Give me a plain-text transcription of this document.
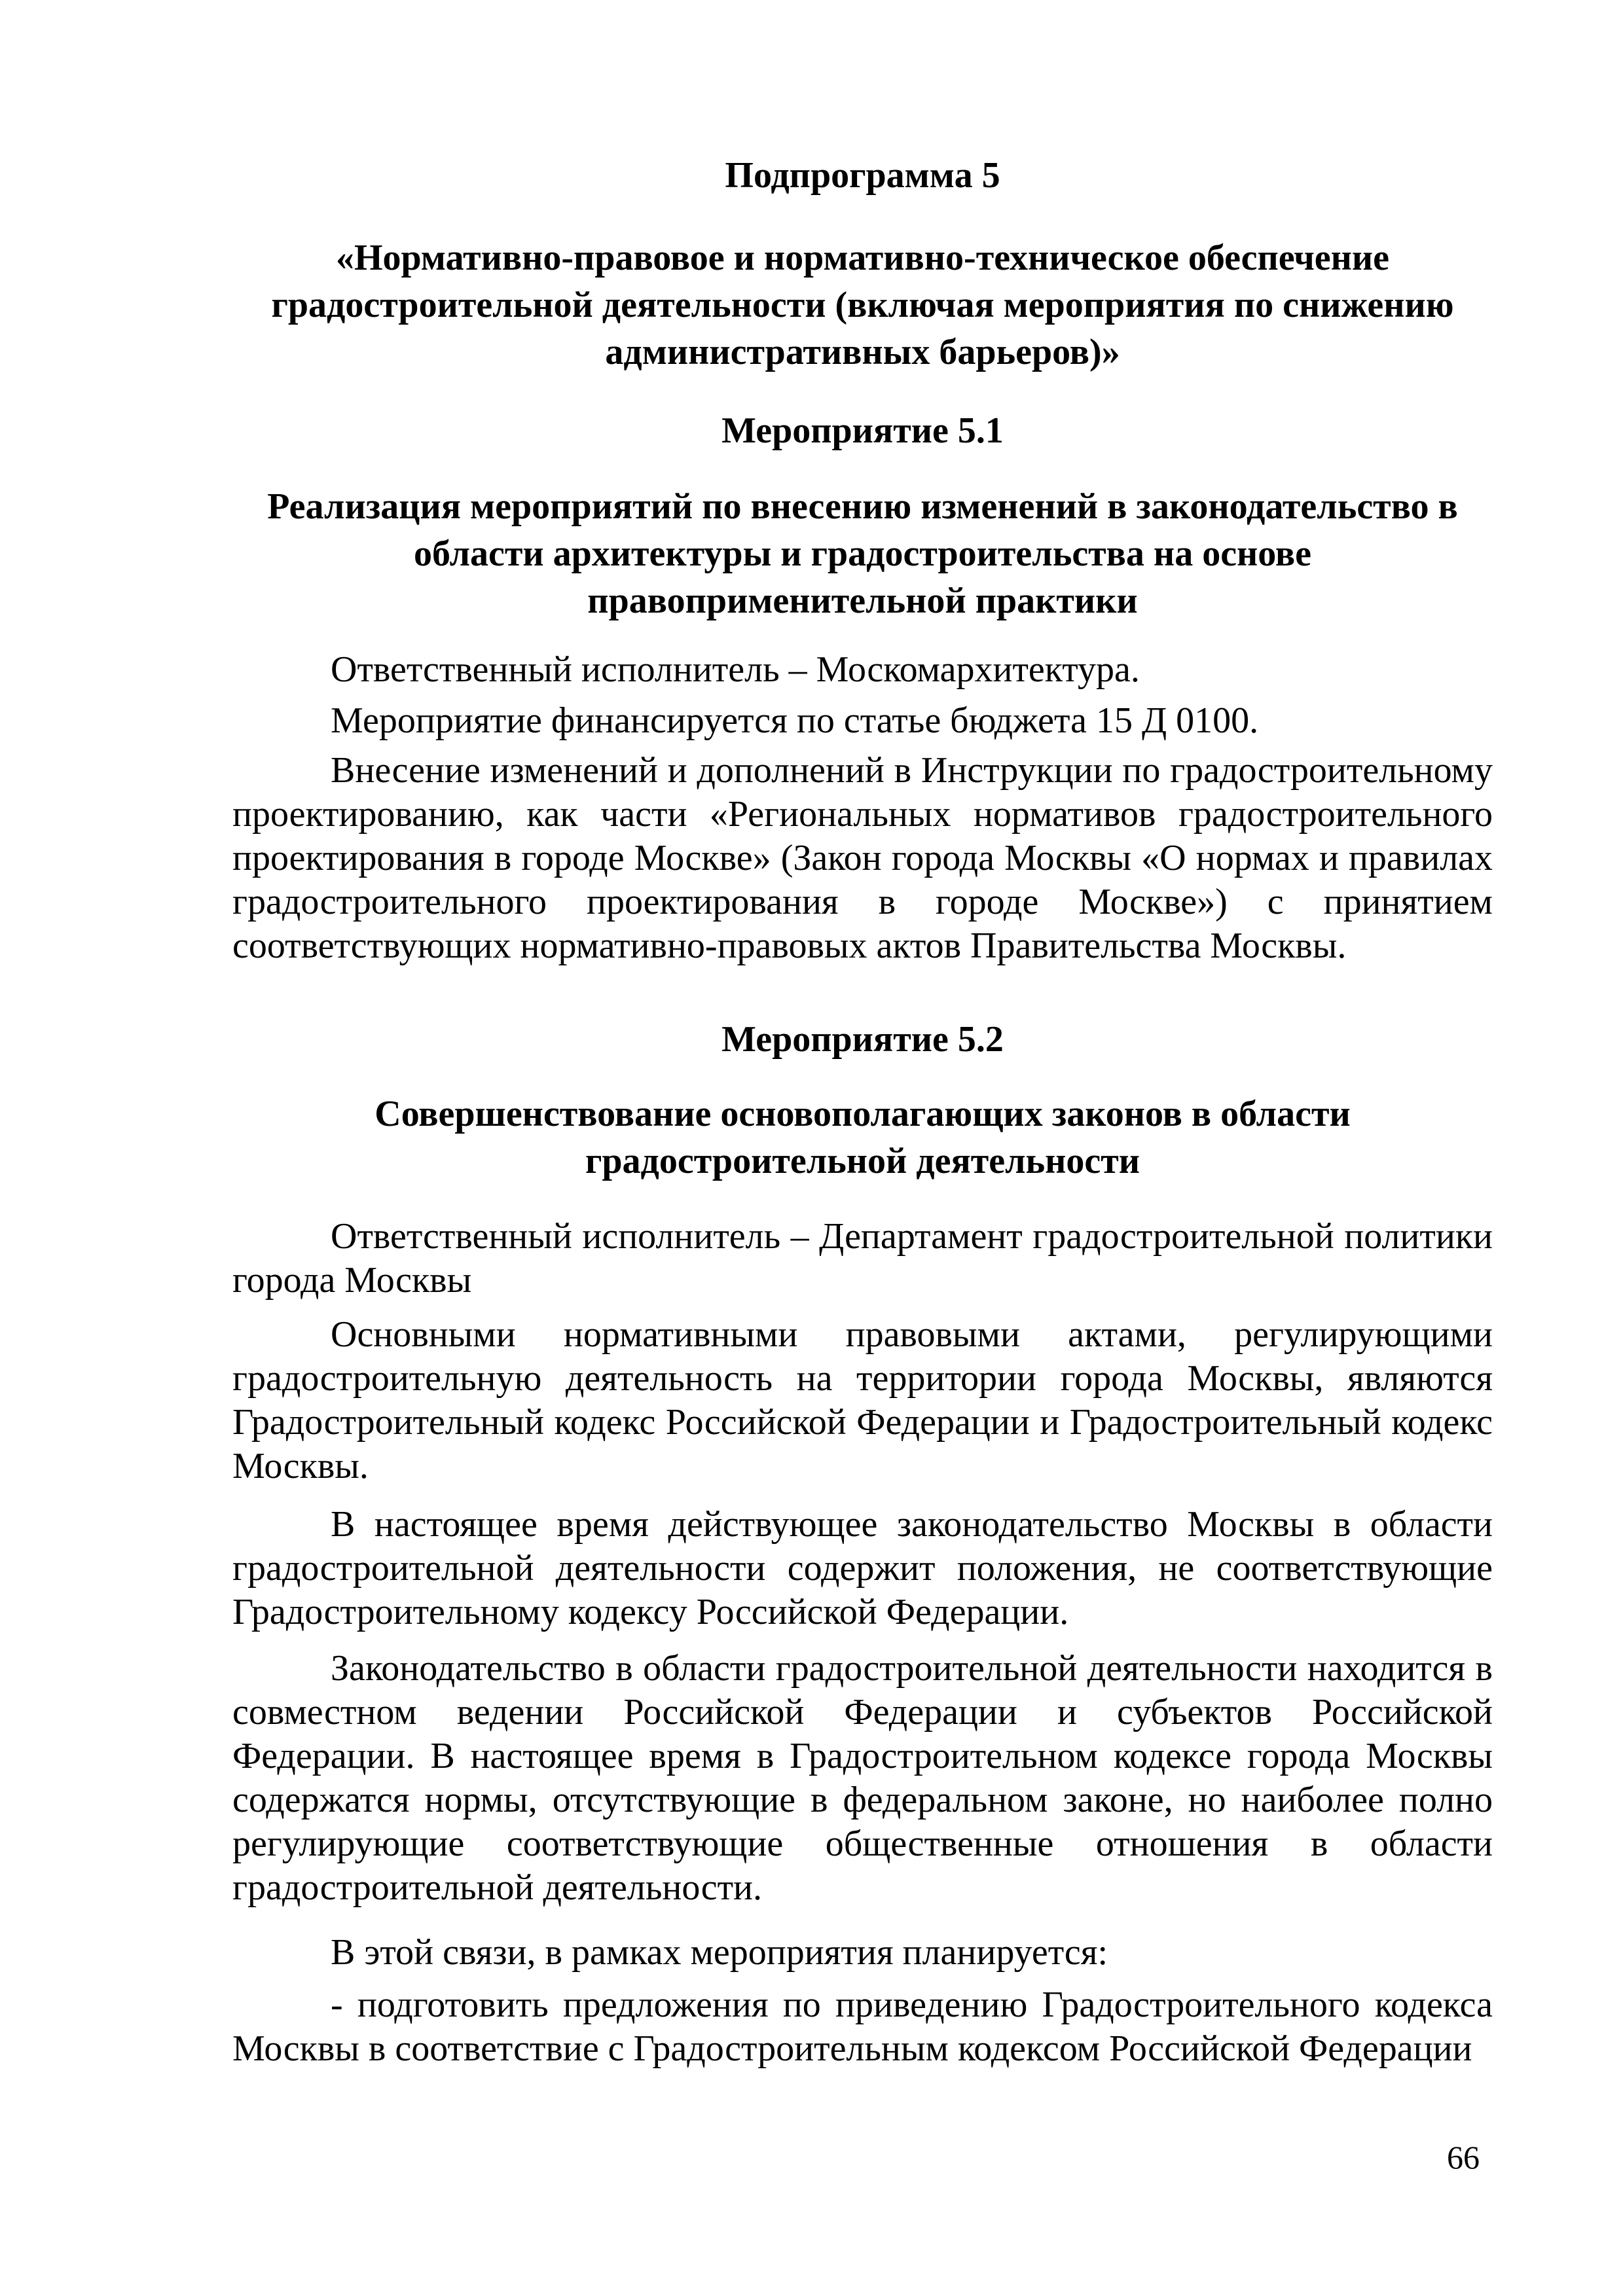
Подпрограмма 5
«Нормативно-правовое и нормативно-техническое обеспечение градостроительной деятельности (включая мероприятия по снижению административных барьеров)»
Мероприятие 5.1
Реализация мероприятий по внесению изменений в законодательство в области архитектуры и градостроительства на основе правоприменительной практики

Ответственный исполнитель – Москомархитектура.

Мероприятие финансируется по статье бюджета 15 Д 0100.

Внесение изменений и дополнений в Инструкции по градостроительному проектированию, как части «Региональных нормативов градостроительного проектирования в городе Москве» (Закон города Москвы «О нормах и правилах градостроительного проектирования в городе Москве») с принятием соответствующих нормативно-правовых актов Правительства Москвы.

Мероприятие 5.2
Совершенствование основополагающих законов в области градостроительной деятельности

Ответственный исполнитель – Департамент градостроительной политики города Москвы

Основными нормативными правовыми актами, регулирующими градостроительную деятельность на территории города Москвы, являются Градостроительный кодекс Российской Федерации и Градостроительный кодекс Москвы.

В настоящее время действующее законодательство Москвы в области градостроительной деятельности содержит положения, не соответствующие Градостроительному кодексу Российской Федерации.

Законодательство в области градостроительной деятельности находится в совместном ведении Российской Федерации и субъектов Российской Федерации. В настоящее время в Градостроительном кодексе города Москвы содержатся нормы, отсутствующие в федеральном законе, но наиболее полно регулирующие соответствующие общественные отношения в области градостроительной деятельности.

В этой связи, в рамках мероприятия планируется:

- подготовить предложения по приведению Градостроительного кодекса Москвы в соответствие с Градостроительным кодексом Российской Федерации

66
